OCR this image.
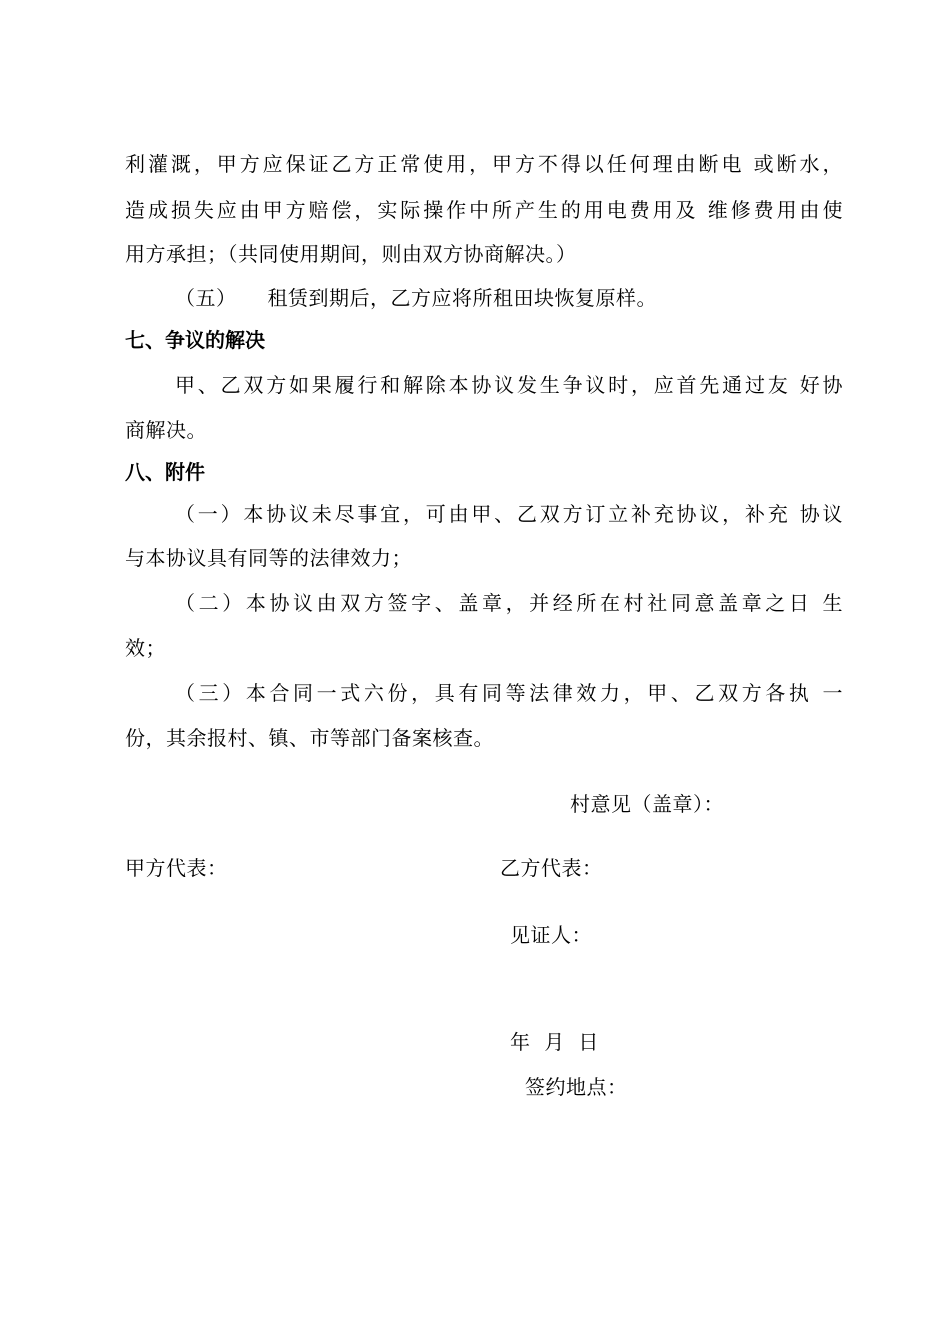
利灌溉，甲方应保证乙方正常使用，甲方不得以任何理由断电 或断水，
造成损失应由甲方赔偿，实际操作中所产生的用电费用及 维修费用由使
用方承担；（共同使用期间，则由双方协商解决。）
（五）　　租赁到期后，乙方应将所租田块恢复原样。
七、争议的解决
甲、乙双方如果履行和解除本协议发生争议时，应首先通过友 好协
商解决。
八、附件
（一）本协议未尽事宜，可由甲、乙双方订立补充协议，补充 协议
与本协议具有同等的法律效力；
（二）本协议由双方签字、盖章，并经所在村社同意盖章之日 生
效；
（三）本合同一式六份，具有同等法律效力，甲、乙双方各执 一
份，其余报村、镇、市等部门备案核查。
村意见（盖章）：
甲方代表：	乙方代表：
见证人：
年  月  日
签约地点：
